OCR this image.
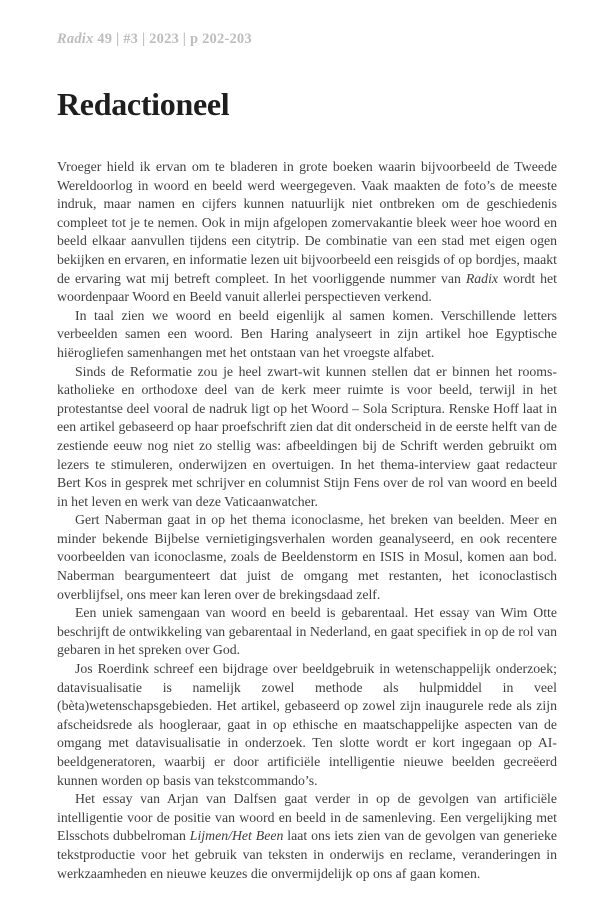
Radix 49 | #3 | 2023 | p 202-203
Redactioneel

Vroeger hield ik ervan om te bladeren in grote boeken waarin bijvoorbeeld de Tweede Wereldoorlog in woord en beeld werd weergegeven. Vaak maakten de foto’s de meeste indruk, maar namen en cijfers kunnen natuurlijk niet ontbreken om de geschiedenis compleet tot je te nemen. Ook in mijn afgelopen zomervakantie bleek weer hoe woord en beeld elkaar aanvullen tijdens een citytrip. De combinatie van een stad met eigen ogen bekijken en ervaren, en informatie lezen uit bijvoorbeeld een reisgids of op bordjes, maakt de ervaring wat mij betreft compleet. In het voorliggende nummer van Radix wordt het woordenpaar Woord en Beeld vanuit allerlei perspectieven verkend.

In taal zien we woord en beeld eigenlijk al samen komen. Verschillende letters verbeelden samen een woord. Ben Haring analyseert in zijn artikel hoe Egyptische hiërogliefen samenhangen met het ontstaan van het vroegste alfabet.

Sinds de Reformatie zou je heel zwart-wit kunnen stellen dat er binnen het rooms-katholieke en orthodoxe deel van de kerk meer ruimte is voor beeld, terwijl in het protestantse deel vooral de nadruk ligt op het Woord – Sola Scriptura. Renske Hoff laat in een artikel gebaseerd op haar proefschrift zien dat dit onderscheid in de eerste helft van de zestiende eeuw nog niet zo stellig was: afbeeldingen bij de Schrift werden gebruikt om lezers te stimuleren, onderwijzen en overtuigen. In het thema-interview gaat redacteur Bert Kos in gesprek met schrijver en columnist Stijn Fens over de rol van woord en beeld in het leven en werk van deze Vaticaanwatcher.

Gert Naberman gaat in op het thema iconoclasme, het breken van beelden. Meer en minder bekende Bijbelse vernietigingsverhalen worden geanalyseerd, en ook recentere voorbeelden van iconoclasme, zoals de Beeldenstorm en ISIS in Mosul, komen aan bod. Naberman beargumenteert dat juist de omgang met restanten, het iconoclastisch overblijfsel, ons meer kan leren over de brekingsdaad zelf.

Een uniek samengaan van woord en beeld is gebarentaal. Het essay van Wim Otte beschrijft de ontwikkeling van gebarentaal in Nederland, en gaat specifiek in op de rol van gebaren in het spreken over God.

Jos Roerdink schreef een bijdrage over beeldgebruik in wetenschappelijk onderzoek; datavisualisatie is namelijk zowel methode als hulpmiddel in veel (bèta)wetenschapsgebieden. Het artikel, gebaseerd op zowel zijn inaugurele rede als zijn afscheidsrede als hoogleraar, gaat in op ethische en maatschappelijke aspecten van de omgang met datavisualisatie in onderzoek. Ten slotte wordt er kort ingegaan op AI-beeldgeneratoren, waarbij er door artificiële intelligentie nieuwe beelden gecreëerd kunnen worden op basis van tekstcommando’s.

Het essay van Arjan van Dalfsen gaat verder in op de gevolgen van artificiële intelligentie voor de positie van woord en beeld in de samenleving. Een vergelijking met Elsschots dubbelroman Lijmen/Het Been laat ons iets zien van de gevolgen van generieke tekstproductie voor het gebruik van teksten in onderwijs en reclame, veranderingen in werkzaamheden en nieuwe keuzes die onvermijdelijk op ons af gaan komen.
